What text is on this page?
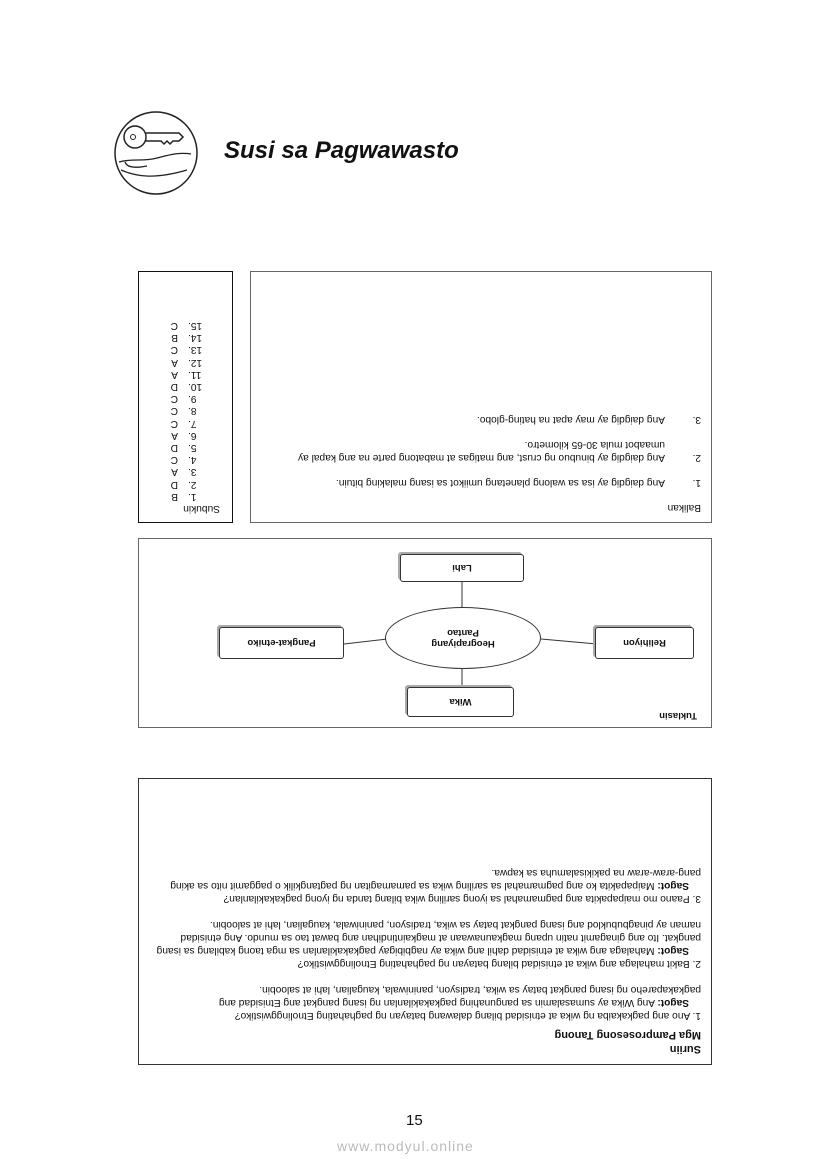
Susi sa Pagwawasto
Subukin
1.
B
2.
D
3.
A
4.
C
5.
D
6.
A
7.
C
8.
C
9.
C
10.
D
11.
A
12.
A
13.
C
14.
B
15.
C
Balikan
1.
Ang daigdig ay isa sa walong planetang umiikot sa isang malaking bituin.
2.
Ang daigdig ay binubuo ng crust, ang matigas at mabatong parte na ang kapal ay umaabot mula 30-65 kilometro.
3.
Ang daigdig ay may apat na hating-globo.
Tuklasin
Wika
Relihiyon
Pangkat-etniko
Lahi
Heograpiyang Pantao
Suriin
Mga Pamprosesong Tanong

1. Ano ang pagkakaiba ng wika at etnisidad bilang dalawang batayan ng paghahating Etnolinggwistiko?
Sagot: Ang Wika ay sumasalamin sa pangunahing pagkakakilanlan ng isang pangkat ang Etnisidad ang pagkakapareho ng isang pangkat batay sa wika, tradisyon, paniniwala, kaugalian, lahi at saloobin.

2. Bakit mahalaga ang wika at etnisidad bilang batayan ng paghahating Etnolinggwistiko?
Sagot: Mahalaga ang wika at etnisidad dahil ang wika ay nagbibigay pagkakakilanlan sa mga taong kabilang sa isang pangkat. Ito ang ginagamit natin upang magkaunawaan at magkaintindihan ang bawat tao sa mundo. Ang etnisidad naman ay pinagbubuklod ang isang pangkat batay sa wika, tradisyon, paniniwala, kaugalian, lahi at saloobin.

3. Paano mo maipapakita ang pagmamahal sa iyong sariling wika bilang tanda ng iyong pagkakakilanlan?
Sagot: Maipapakita ko ang pagmamahal sa sariling wika sa pamamagitan ng pagtangkilik o paggamit nito sa aking pang-araw-araw na pakikisalamuha sa kapwa.

15
www.modyul.online
